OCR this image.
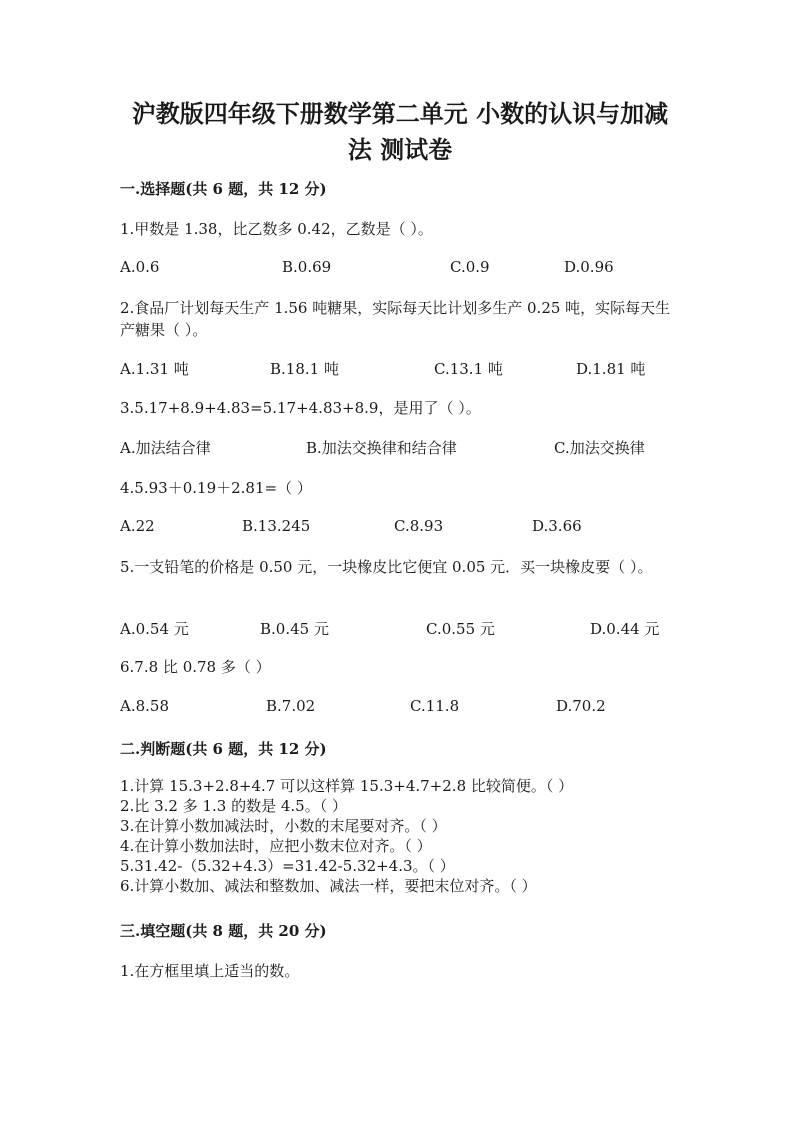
沪教版四年级下册数学第二单元 小数的认识与加减
法 测试卷
一.选择题(共 6 题，共 12 分)
1.甲数是 1.38，比乙数多 0.42，乙数是（ ）。
A.0.6	B.0.69	C.0.9	D.0.96
2.食品厂计划每天生产 1.56 吨糖果，实际每天比计划多生产 0.25 吨，实际每天生产糖果（ ）。
A.1.31 吨	B.18.1 吨	C.13.1 吨	D.1.81 吨
3.5.17+8.9+4.83=5.17+4.83+8.9，是用了（ ）。
A.加法结合律	B.加法交换律和结合律	C.加法交换律
4.5.93＋0.19＋2.81=（ ）
A.22	B.13.245	C.8.93	D.3.66
5.一支铅笔的价格是 0.50 元，一块橡皮比它便宜 0.05 元．买一块橡皮要（ ）。
A.0.54 元	B.0.45 元	C.0.55 元	D.0.44 元
6.7.8 比 0.78 多（ ）
A.8.58	B.7.02	C.11.8	D.70.2
二.判断题(共 6 题，共 12 分)
1.计算 15.3+2.8+4.7 可以这样算 15.3+4.7+2.8 比较简便。（ ）
2.比 3.2 多 1.3 的数是 4.5。（ ）
3.在计算小数加减法时，小数的末尾要对齐。（ ）
4.在计算小数加法时，应把小数末位对齐。（ ）
5.31.42-（5.32+4.3）=31.42-5.32+4.3。（ ）
6.计算小数加、减法和整数加、减法一样，要把末位对齐。（ ）
三.填空题(共 8 题，共 20 分)
1.在方框里填上适当的数。
